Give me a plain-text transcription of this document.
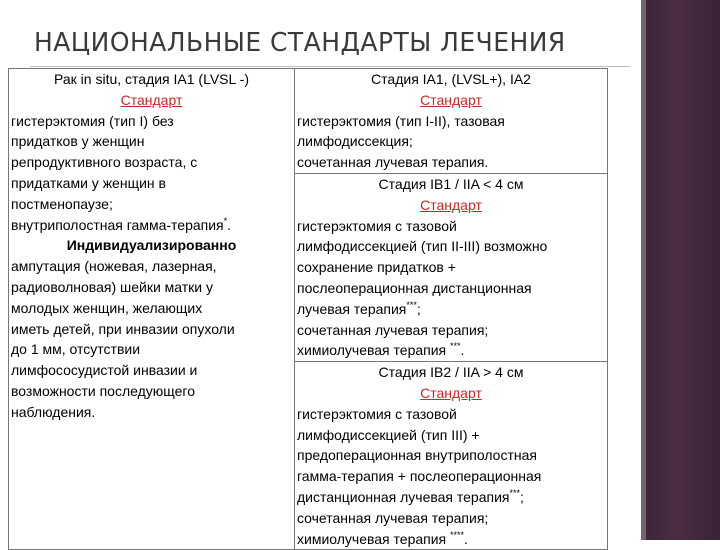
НАЦИОНАЛЬНЫЕ СТАНДАРТЫ ЛЕЧЕНИЯ
Рак in situ, стадия IA1 (LVSL -)
Стандарт
гистерэктомия (тип I) без
придатков у женщин
репродуктивного возраста, с
придатками у женщин в
постменопаузе;
внутриполостная гамма-терапия*.
Индивидуализированно
ампутация (ножевая, лазерная,
радиоволновая) шейки матки у
молодых женщин, желающих
иметь детей, при инвазии опухоли
до 1 мм, отсутствии
лимфососудистой инвазии и
возможности последующего
наблюдения.

Стадия IA1, (LVSL+), IA2
Стандарт
гистерэктомия (тип I-II), тазовая
лимфодиссекция;
сочетанная лучевая терапия.

Стадия IB1 / IIA < 4 см
Стандарт
гистерэктомия с тазовой
лимфодиссекцией (тип II-III) возможно
сохранение придатков +
послеоперационная дистанционная
лучевая терапия***;
сочетанная лучевая терапия;
химиолучевая терапия ***.

Стадия IB2 / IIA > 4 см
Стандарт
гистерэктомия с тазовой
лимфодиссекцией (тип III) +
предоперационная внутриполостная
гамма-терапия + послеоперационная
дистанционная лучевая терапия***;
сочетанная лучевая терапия;
химиолучевая терапия ****.
